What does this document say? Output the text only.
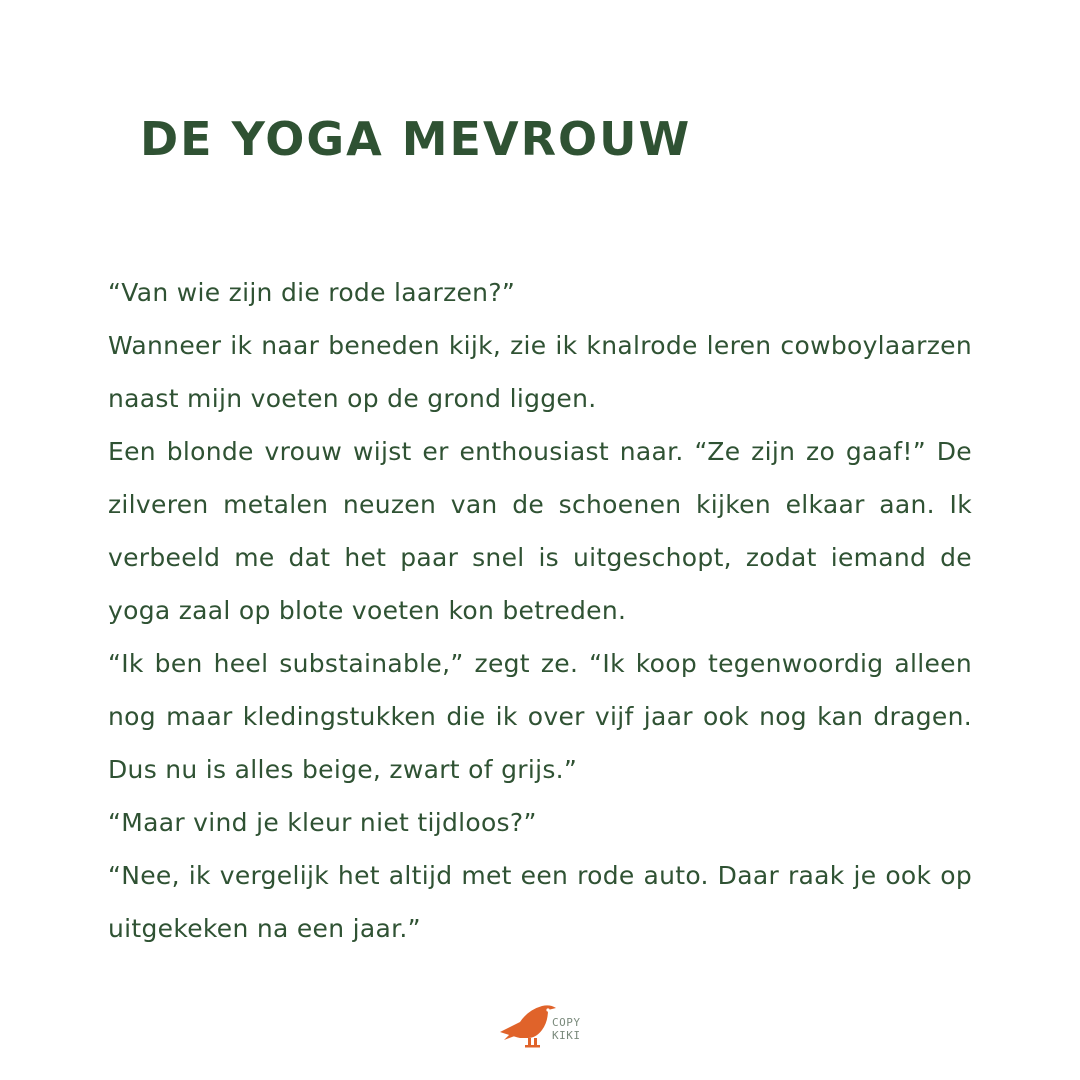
DE YOGA MEVROUW

“Van wie zijn die rode laarzen?”

Wanneer ik naar beneden kijk, zie ik knalrode leren cowboylaarzen naast mijn voeten op de grond liggen.

Een blonde vrouw wijst er enthousiast naar. “Ze zijn zo gaaf!” De zilveren metalen neuzen van de schoenen kijken elkaar aan. Ik verbeeld me dat het paar snel is uitgeschopt, zodat iemand de yoga zaal op blote voeten kon betreden.

“Ik ben heel substainable,” zegt ze. “Ik koop tegenwoordig alleen nog maar kledingstukken die ik over vijf jaar ook nog kan dragen. Dus nu is alles beige, zwart of grijs.”

“Maar vind je kleur niet tijdloos?”

“Nee, ik vergelijk het altijd met een rode auto. Daar raak je ook op uitgekeken na een jaar.”

COPY
KIKI
